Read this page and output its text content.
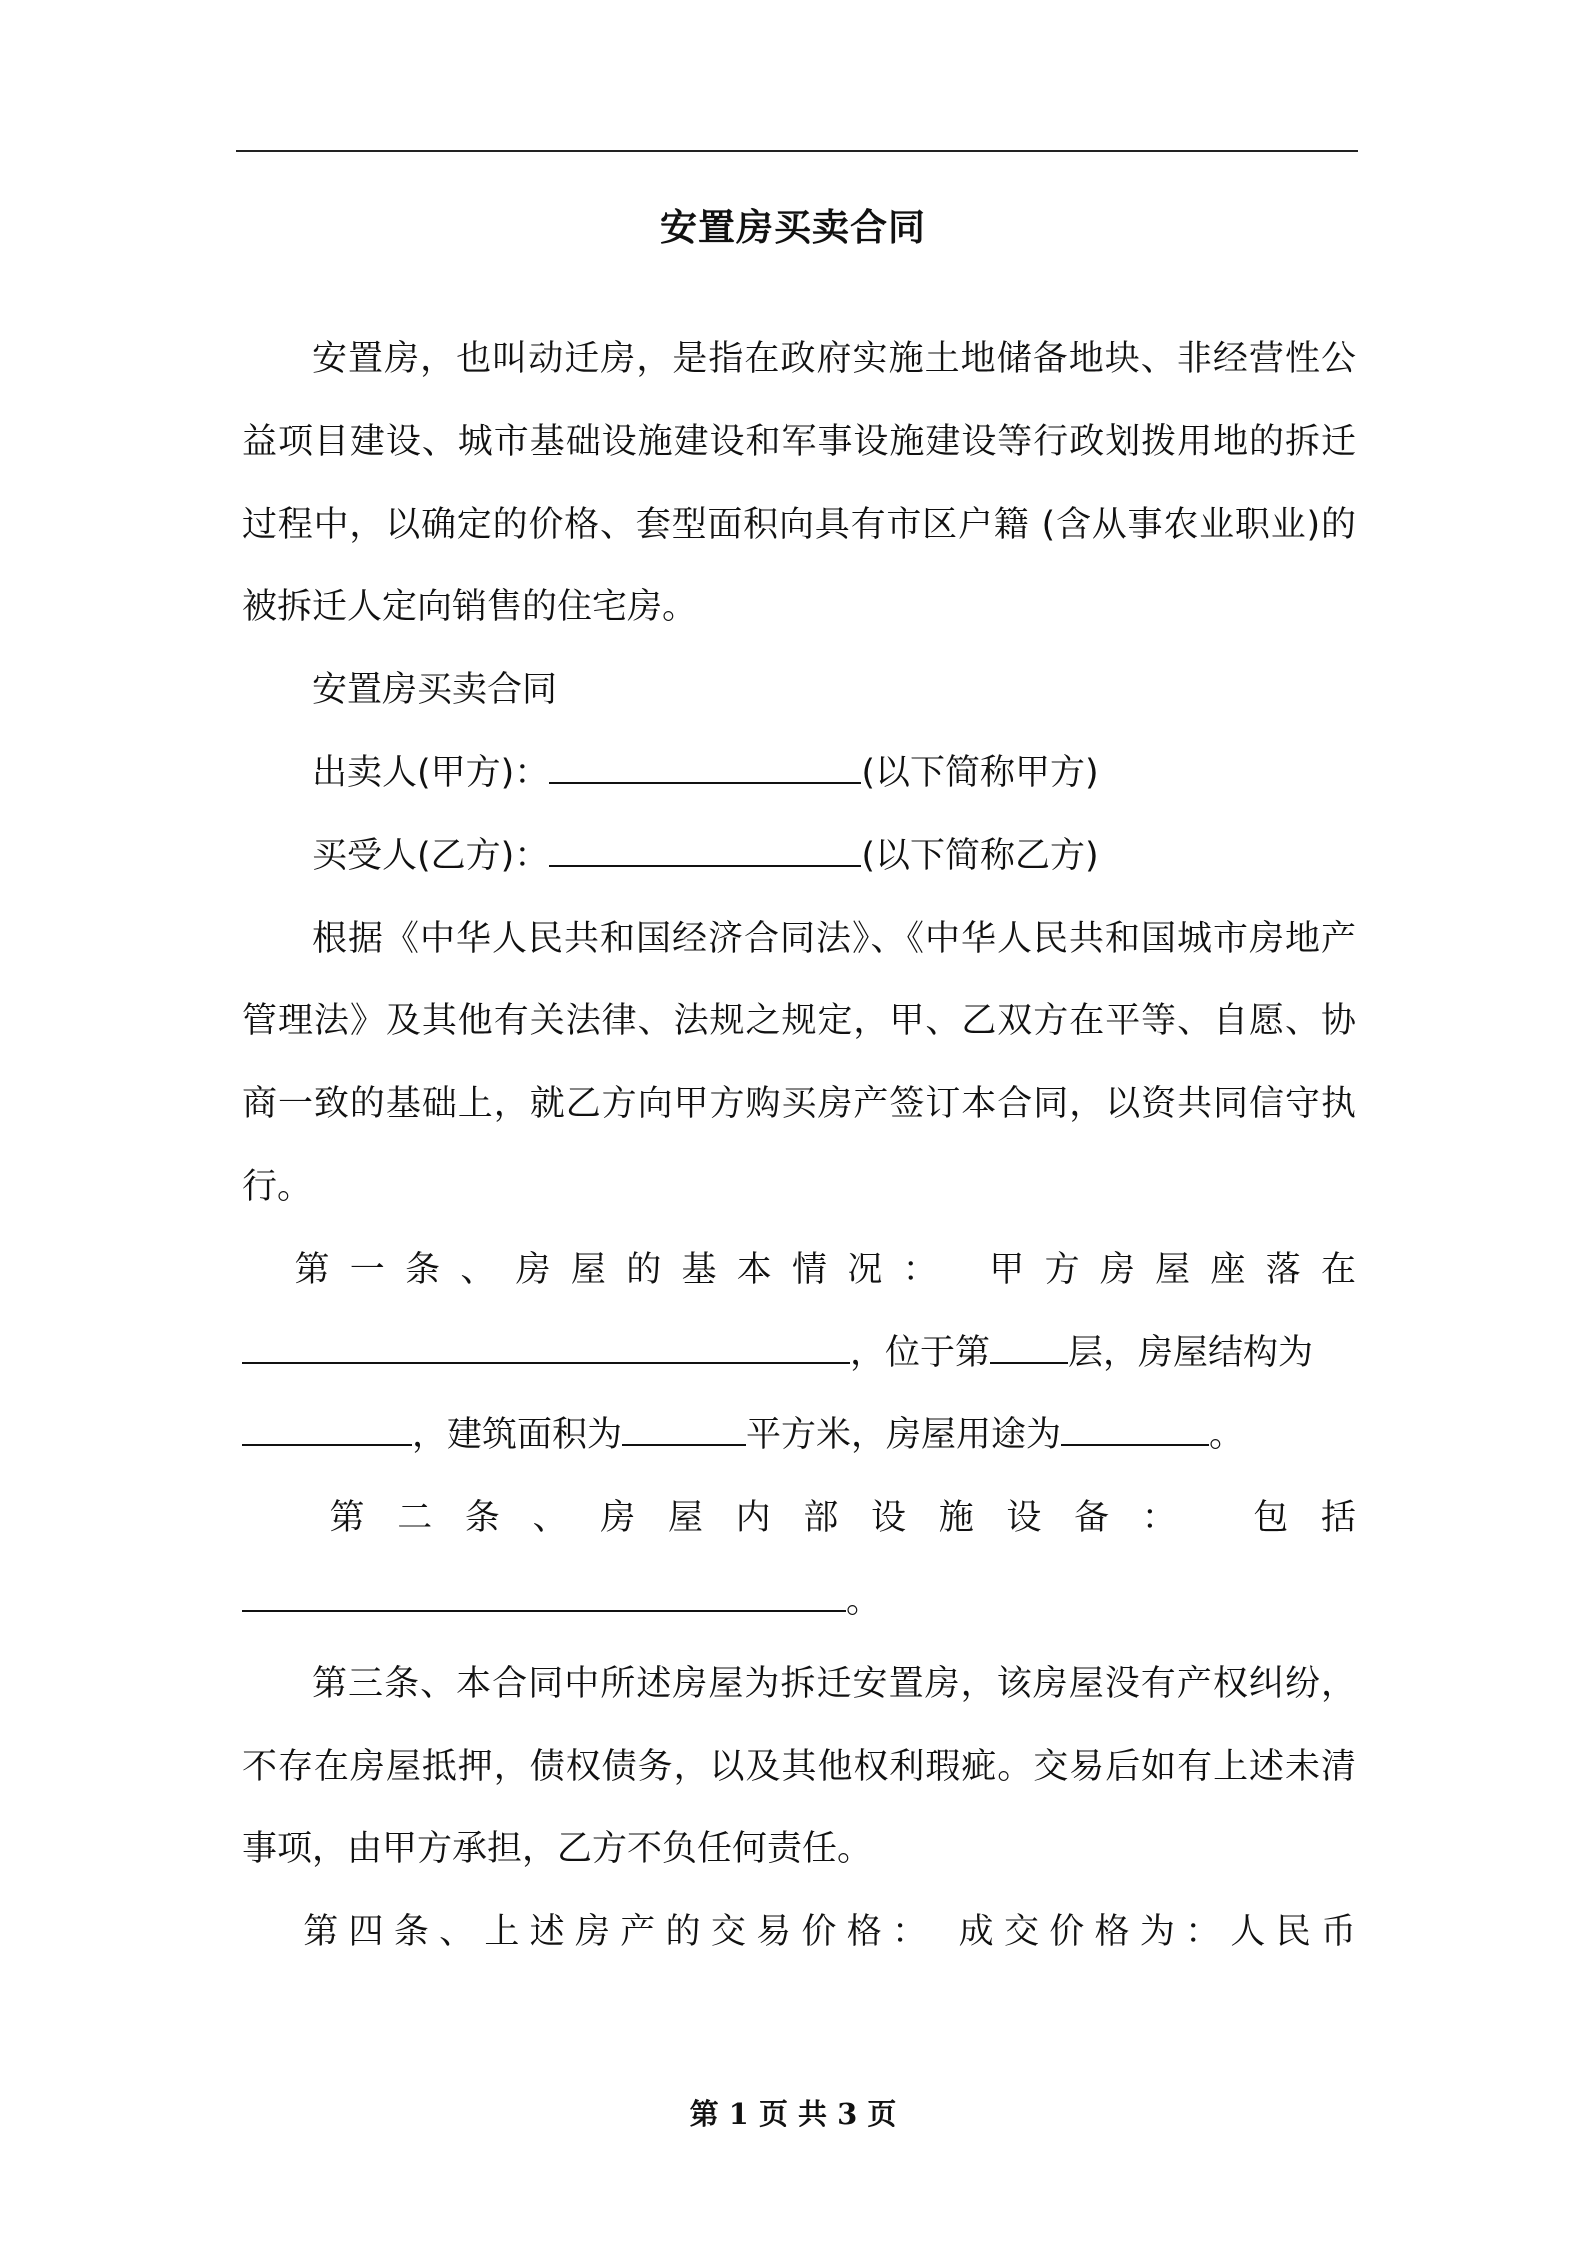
安置房买卖合同

安置房，也叫动迁房，是指在政府实施土地储备地块、非经营性公益项目建设、城市基础设施建设和军事设施建设等行政划拨用地的拆迁过程中，以确定的价格、套型面积向具有市区户籍 (含从事农业职业)的被拆迁人定向销售的住宅房。

安置房买卖合同

出卖人(甲方)：	(以下简称甲方)

买受人(乙方)：	(以下简称乙方)

根据《中华人民共和国经济合同法》、《中华人民共和国城市房地产管理法》及其他有关法律、法规之规定，甲、乙双方在平等、自愿、协商一致的基础上，就乙方向甲方购买房产签订本合同，以资共同信守执行。

第一条、房屋的基本情况： 甲方房屋座落在

，位于第 层，房屋结构为

，建筑面积为	平方米，房屋用途为	。

第二条、房屋内部设施设备： 包括

。

第三条、本合同中所述房屋为拆迁安置房，该房屋没有产权纠纷，不存在房屋抵押，债权债务，以及其他权利瑕疵。交易后如有上述未清事项，由甲方承担，乙方不负任何责任。

第四条、上述房产的交易价格： 成交价格为：人民币

第 1 页 共 3 页
